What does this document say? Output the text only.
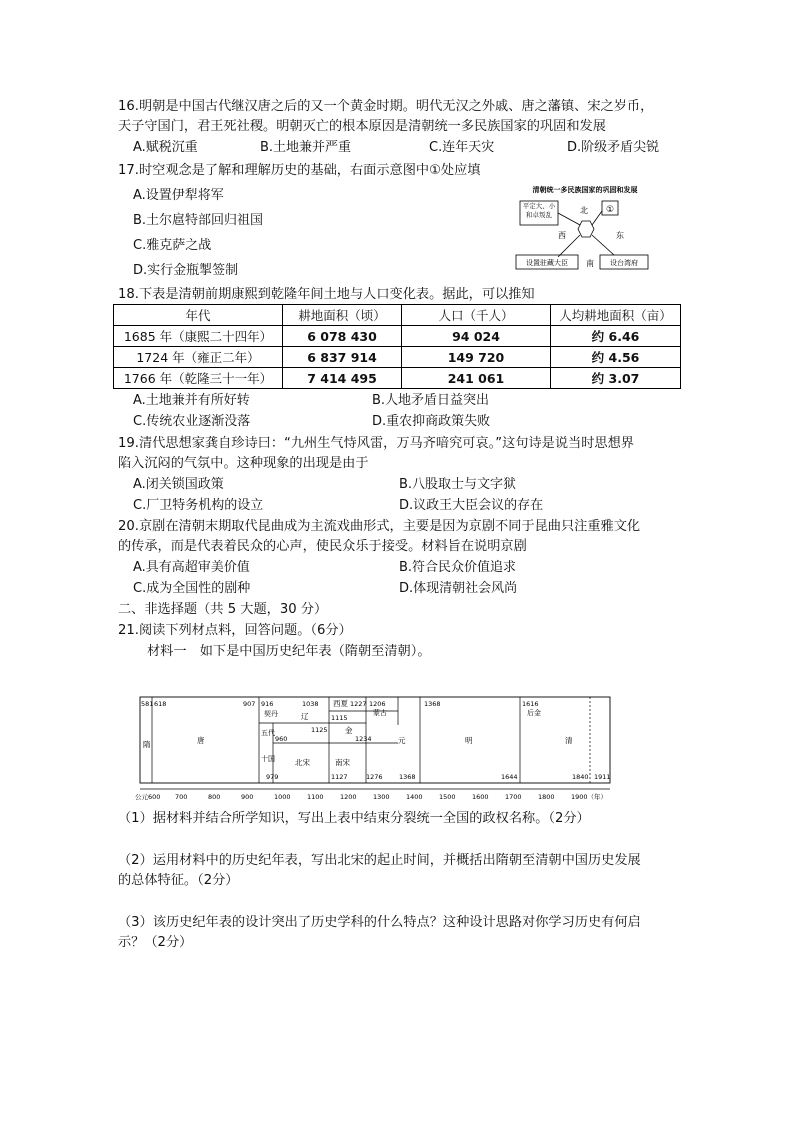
16.明朝是中国古代继汉唐之后的又一个黄金时期。明代无汉之外戚、唐之藩镇、宋之岁币，
天子守国门，君王死社稷。明朝灭亡的根本原因是清朝统一多民族国家的巩固和发展
A.赋税沉重	B.土地兼并严重	C.连年天灾	D.阶级矛盾尖锐
17.时空观念是了解和理解历史的基础，右面示意图中①处应填
A.设置伊犁将军
B.土尔扈特部回归祖国
C.雅克萨之战
D.实行金瓶掣签制
清朝统一多民族国家的巩固和发展
平定大、小和卓叛乱	①
北
西	东
南
设置驻藏大臣	设台湾府
18.下表是清朝前期康熙到乾隆年间土地与人口变化表。据此，可以推知
年代	耕地面积（顷）	人口（千人）	人均耕地面积（亩）
1685 年（康熙二十四年）	6 078 430	94 024	约 6.46
1724 年（雍正二年）	6 837 914	149 720	约 4.56
1766 年（乾隆三十一年）	7 414 495	241 061	约 3.07
A.土地兼并有所好转	B.人地矛盾日益突出
C.传统农业逐渐没落	D.重农抑商政策失败
19.清代思想家龚自珍诗曰：“九州生气恃风雷，万马齐喑究可哀。”这句诗是说当时思想界
陷入沉闷的气氛中。这种现象的出现是由于
A.闭关锁国政策	B.八股取士与文字狱
C.厂卫特务机构的设立	D.议政王大臣会议的存在
20.京剧在清朝末期取代昆曲成为主流戏曲形式，主要是因为京剧不同于昆曲只注重雅文化
的传承，而是代表着民众的心声，使民众乐于接受。材料旨在说明京剧
A.具有高超审美价值	B.符合民众价值追求
C.成为全国性的剧种	D.体现清朝社会风尚
二、非选择题（共 5 大题，30 分）
21.阅读下列材点料，回答问题。（6分）
材料一　如下是中国历史纪年表（隋朝至清朝）。
581 618	907 916
960
979
1038	1227
1115
1125
1234
1127	1276
1206	1368
1368
1616
1644	1840 1911
隋	唐
五代
十国
契丹	辽
北宋
西夏
金
南宋
蒙古
元	明
后金
清
公元600 700	800	900	1000	1100	1200	1300	1400	1500	1600	1700	1800	1900（年）
（1）据材料并结合所学知识，写出上表中结束分裂统一全国的政权名称。（2分）
（2）运用材料中的历史纪年表，写出北宋的起止时间，并概括出隋朝至清朝中国历史发展
的总体特征。（2分）
（3）该历史纪年表的设计突出了历史学科的什么特点？这种设计思路对你学习历史有何启
示？（2分）
